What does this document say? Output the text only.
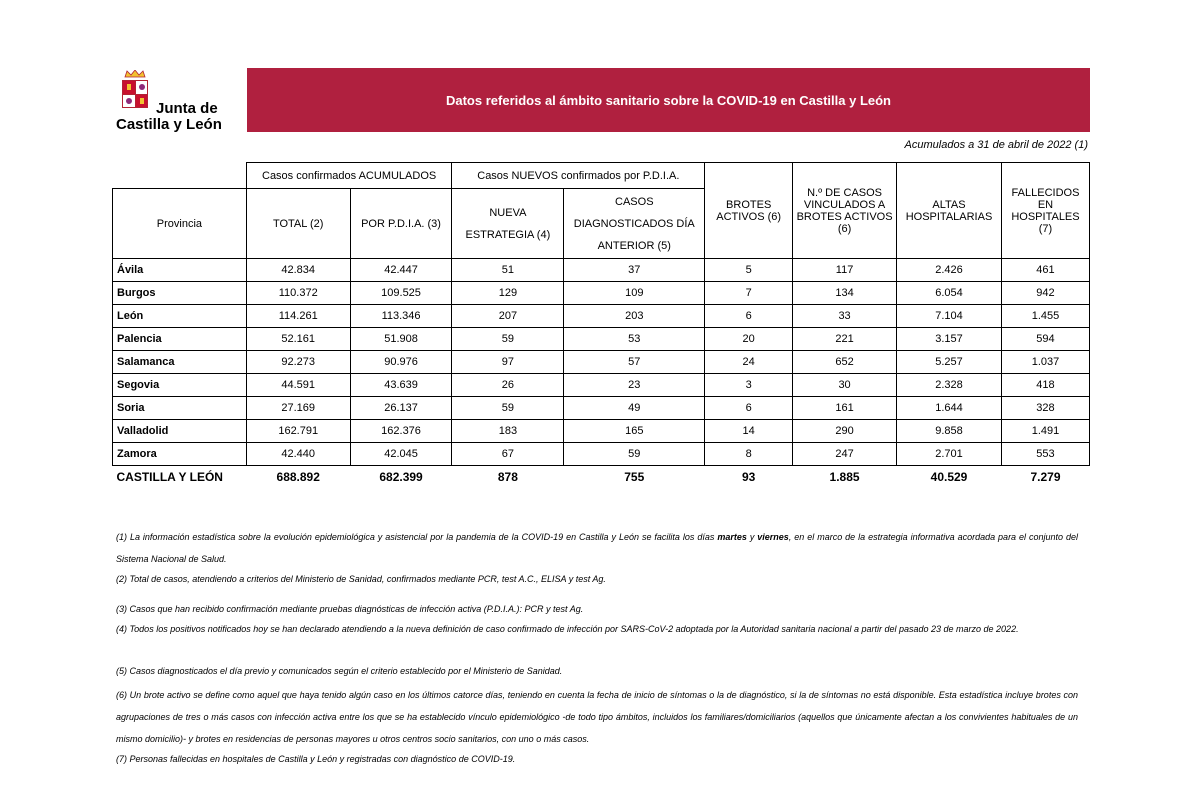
Junta de
Castilla y León
Datos referidos al ámbito sanitario sobre la COVID-19 en Castilla y León
Acumulados a 31 de abril de 2022 (1)
	Casos confirmados ACUMULADOS		Casos NUEVOS confirmados por P.D.I.A.		BROTES ACTIVOS (6)	N.º DE CASOS VINCULADOS A BROTES ACTIVOS (6)	ALTAS HOSPITALARIAS	FALLECIDOS EN HOSPITALES (7)
Provincia	TOTAL (2)	POR P.D.I.A. (3)	NUEVA ESTRATEGIA (4)	CASOS DIAGNOSTICADOS DÍA ANTERIOR (5)				
Ávila	42.834	42.447	51	37	5	117	2.426	461
Burgos	110.372	109.525	129	109	7	134	6.054	942
León	114.261	113.346	207	203	6	33	7.104	1.455
Palencia	52.161	51.908	59	53	20	221	3.157	594
Salamanca	92.273	90.976	97	57	24	652	5.257	1.037
Segovia	44.591	43.639	26	23	3	30	2.328	418
Soria	27.169	26.137	59	49	6	161	1.644	328
Valladolid	162.791	162.376	183	165	14	290	9.858	1.491
Zamora	42.440	42.045	67	59	8	247	2.701	553
CASTILLA Y LEÓN	688.892	682.399	878	755	93	1.885	40.529	7.279
(1) La información estadística sobre la evolución epidemiológica y asistencial por la pandemia de la COVID-19 en Castilla y León se facilita los días martes y viernes, en el marco de la estrategia informativa acordada para el conjunto del Sistema Nacional de Salud.
(2) Total de casos, atendiendo a criterios del Ministerio de Sanidad, confirmados mediante PCR, test A.C., ELISA y test Ag.
(3) Casos que han recibido confirmación mediante pruebas diagnósticas de infección activa (P.D.I.A.): PCR y test Ag.
(4) Todos los positivos notificados hoy se han declarado atendiendo a la nueva definición de caso confirmado de infección por SARS-CoV-2 adoptada por la Autoridad sanitaria nacional a partir del pasado 23 de marzo de 2022.
(5) Casos diagnosticados el día previo y comunicados según el criterio establecido por el Ministerio de Sanidad.
(6) Un brote activo se define como aquel que haya tenido algún caso en los últimos catorce días, teniendo en cuenta la fecha de inicio de síntomas o la de diagnóstico, si la de síntomas no está disponible. Esta estadística incluye brotes con agrupaciones de tres o más casos con infección activa entre los que se ha establecido vínculo epidemiológico -de todo tipo ámbitos, incluidos los familiares/domiciliarios (aquellos que únicamente afectan a los convivientes habituales de un mismo domicilio)- y brotes en residencias de personas mayores u otros centros socio sanitarios, con uno o más casos.
(7) Personas fallecidas en hospitales de Castilla y León y registradas con diagnóstico de COVID-19.
